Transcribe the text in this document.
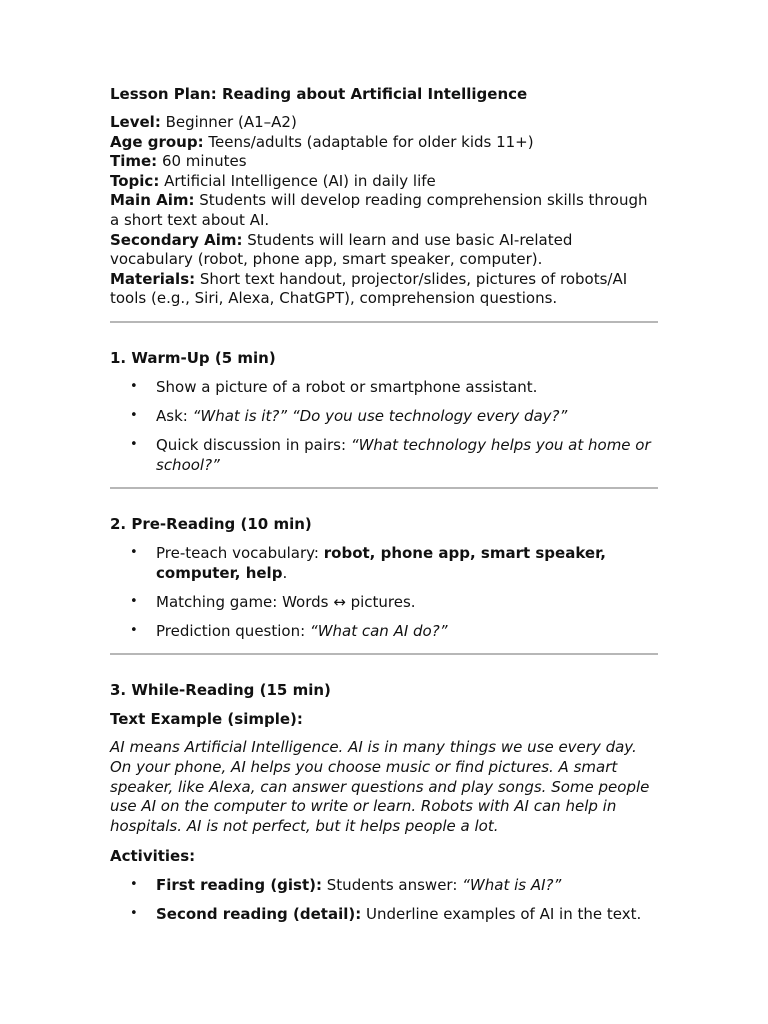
Lesson Plan: Reading about Artificial Intelligence

Level: Beginner (A1–A2)

Age group: Teens/adults (adaptable for older kids 11+)

Time: 60 minutes

Topic: Artificial Intelligence (AI) in daily life

Main Aim: Students will develop reading comprehension skills through a short text about AI.

Secondary Aim: Students will learn and use basic AI-related vocabulary (robot, phone app, smart speaker, computer).

Materials: Short text handout, projector/slides, pictures of robots/AI tools (e.g., Siri, Alexa, ChatGPT), comprehension questions.

1. Warm-Up (5 min)

• Show a picture of a robot or smartphone assistant.
• Ask: “What is it?” “Do you use technology every day?”
• Quick discussion in pairs: “What technology helps you at home or school?”

2. Pre-Reading (10 min)

• Pre-teach vocabulary: robot, phone app, smart speaker, computer, help.
• Matching game: Words ↔ pictures.
• Prediction question: “What can AI do?”

3. While-Reading (15 min)

Text Example (simple):

AI means Artificial Intelligence. AI is in many things we use every day. On your phone, AI helps you choose music or find pictures. A smart speaker, like Alexa, can answer questions and play songs. Some people use AI on the computer to write or learn. Robots with AI can help in hospitals. AI is not perfect, but it helps people a lot.

Activities:

• First reading (gist): Students answer: “What is AI?”
• Second reading (detail): Underline examples of AI in the text.
